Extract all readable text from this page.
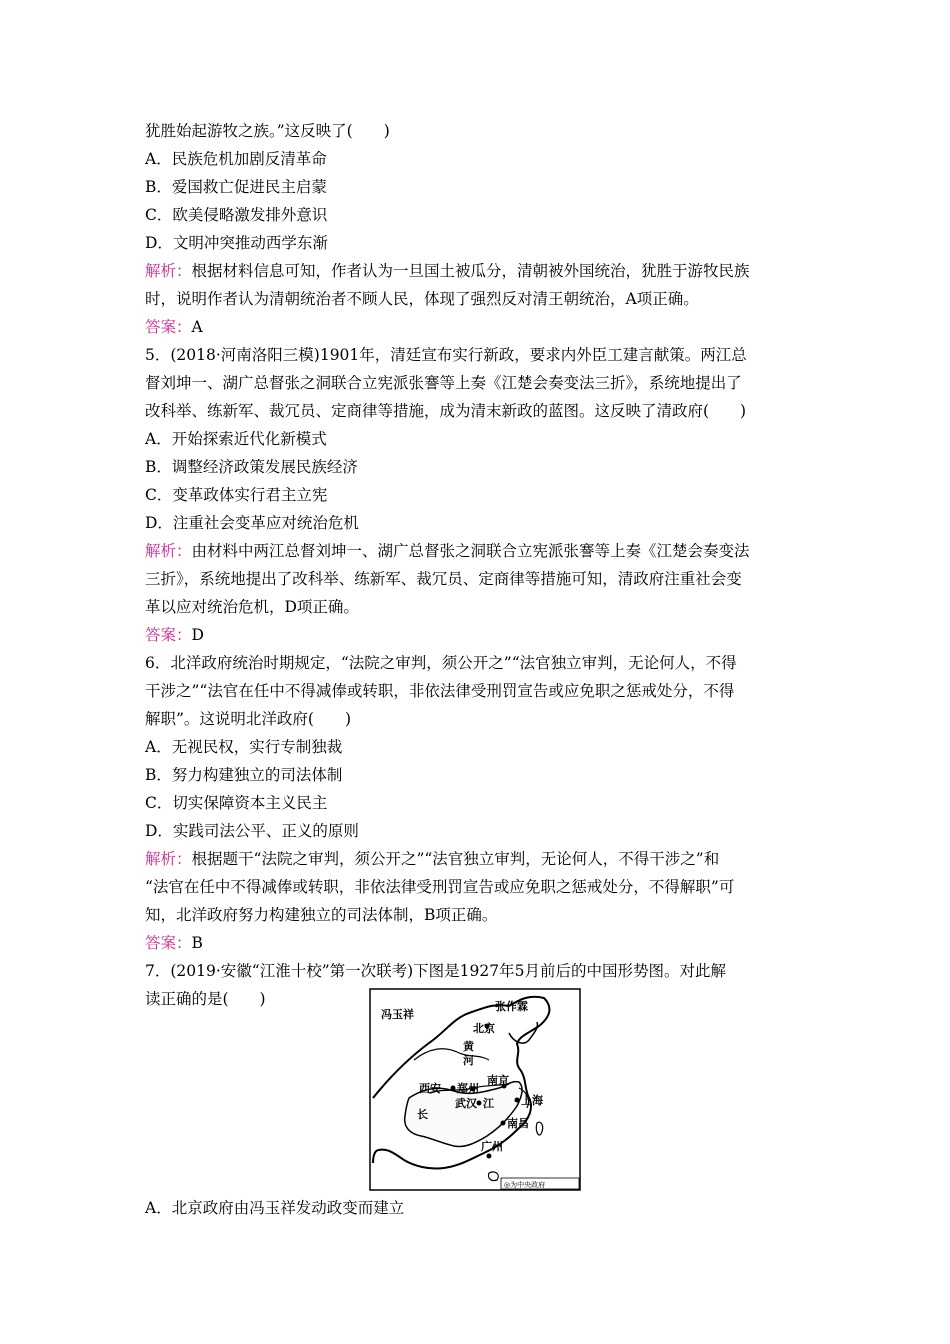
犹胜始起游牧之族。”这反映了(　　)
A．民族危机加剧反清革命
B．爱国救亡促进民主启蒙
C．欧美侵略激发排外意识
D．文明冲突推动西学东渐
解析：根据材料信息可知，作者认为一旦国土被瓜分，清朝被外国统治，犹胜于游牧民族
时，说明作者认为清朝统治者不顾人民，体现了强烈反对清王朝统治，A项正确。
答案：A
5．(2018·河南洛阳三模)1901年，清廷宣布实行新政，要求内外臣工建言献策。两江总
督刘坤一、湖广总督张之洞联合立宪派张謇等上奏《江楚会奏变法三折》，系统地提出了
改科举、练新军、裁冗员、定商律等措施，成为清末新政的蓝图。这反映了清政府(　　)
A．开始探索近代化新模式
B．调整经济政策发展民族经济
C．变革政体实行君主立宪
D．注重社会变革应对统治危机
解析：由材料中两江总督刘坤一、湖广总督张之洞联合立宪派张謇等上奏《江楚会奏变法
三折》，系统地提出了改科举、练新军、裁冗员、定商律等措施可知，清政府注重社会变
革以应对统治危机，D项正确。
答案：D
6．北洋政府统治时期规定，“法院之审判，须公开之”“法官独立审判，无论何人，不得
干涉之”“法官在任中不得减俸或转职，非依法律受刑罚宣告或应免职之惩戒处分，不得
解职”。这说明北洋政府(　　)
A．无视民权，实行专制独裁
B．努力构建独立的司法体制
C．切实保障资本主义民主
D．实践司法公平、正义的原则
解析：根据题干“法院之审判，须公开之”“法官独立审判，无论何人，不得干涉之”和
“法官在任中不得减俸或转职，非依法律受刑罚宣告或应免职之惩戒处分，不得解职”可
知，北洋政府努力构建独立的司法体制，B项正确。
答案：B
7．(2019·安徽“江淮十校”第一次联考)下图是1927年5月前后的中国形势图。对此解
读正确的是(　　)
冯玉祥
张作霖
北京
黄
河
西安 郑州
南京
武汉 江 上海
长
南昌
广州
◎为中央政府
A．北京政府由冯玉祥发动政变而建立
